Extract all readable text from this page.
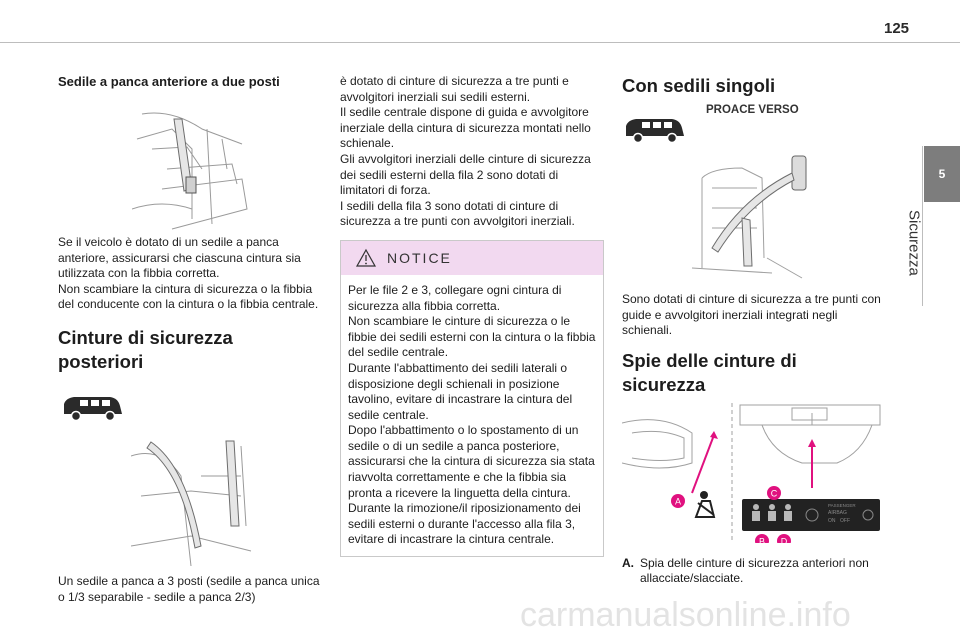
125
5
Sicurezza
Sedile a panca anteriore a due posti

Se il veicolo è dotato di un sedile a panca anteriore, assicurarsi che ciascuna cintura sia utilizzata con la fibbia corretta.
Non scambiare la cintura di sicurezza o la fibbia del conducente con la cintura o la fibbia centrale.

Cinture di sicurezza posteriori

Un sedile a panca a 3 posti (sedile a panca unica o 1/3 separabile - sedile a panca 2/3)

è dotato di cinture di sicurezza a tre punti e avvolgitori inerziali sui sedili esterni.
Il sedile centrale dispone di guida e avvolgitore inerziale della cintura di sicurezza montati nello schienale.
Gli avvolgitori inerziali delle cinture di sicurezza dei sedili esterni della fila 2 sono dotati di limitatori di forza.
I sedili della fila 3 sono dotati di cinture di sicurezza a tre punti con avvolgitori inerziali.

NOTICE

Per le file 2 e 3, collegare ogni cintura di sicurezza alla fibbia corretta.
Non scambiare le cinture di sicurezza o le fibbie dei sedili esterni con la cintura o la fibbia del sedile centrale.
Durante l'abbattimento dei sedili laterali o disposizione degli schienali in posizione tavolino, evitare di incastrare la cintura del sedile centrale.
Dopo l'abbattimento o lo spostamento di un sedile o di un sedile a panca posteriore, assicurarsi che la cintura di sicurezza sia stata riavvolta correttamente e che la fibbia sia pronta a ricevere la linguetta della cintura.
Durante la rimozione/il riposizionamento dei sedili esterni o durante l'accesso alla fila 3, evitare di incastrare la cintura centrale.

Con sedili singoli
PROACE VERSO

Sono dotati di cinture di sicurezza a tre punti con guide e avvolgitori inerziali integrati negli schienali.

Spie delle cinture di sicurezza
PASSENGER
AIRBAG
ON OFF
A
B
C
D
A. Spia delle cinture di sicurezza anteriori non allacciate/slacciate.
carmanualsonline.info
